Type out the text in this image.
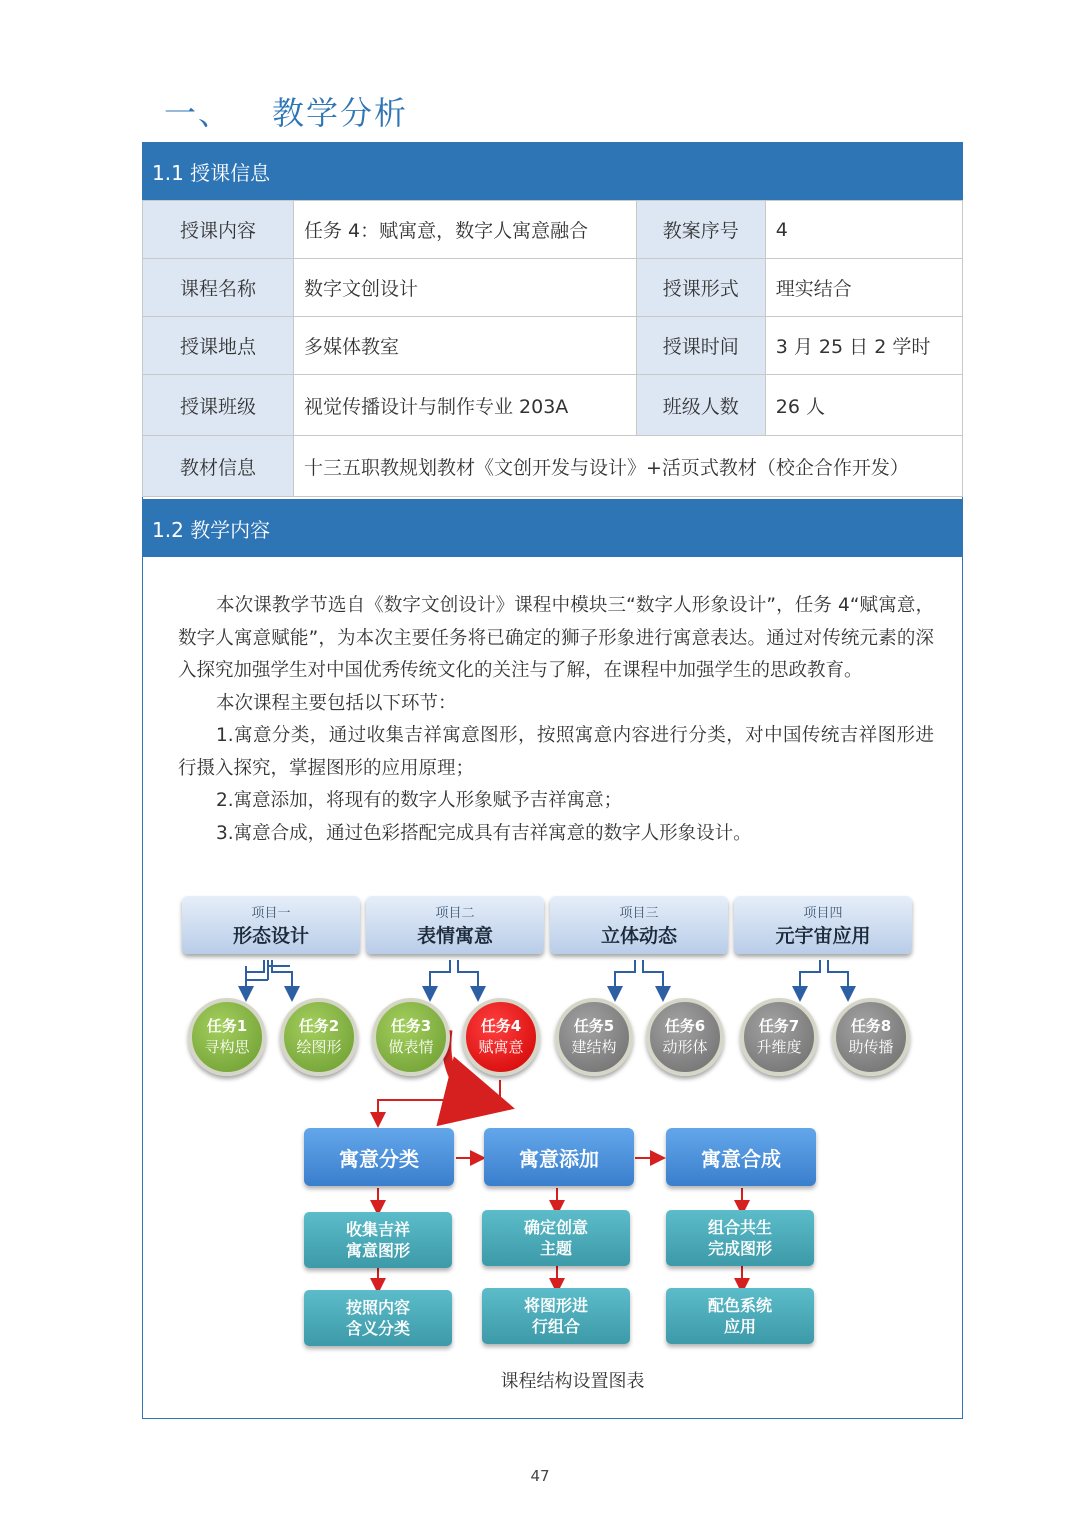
一、 教学分析
1.1 授课信息
授课内容	任务 4：赋寓意，数字人寓意融合	教案序号	4
课程名称	数字文创设计	授课形式	理实结合
授课地点	多媒体教室	授课时间	3 月 25 日 2 学时
授课班级	视觉传播设计与制作专业 203A	班级人数	26 人
教材信息	十三五职教规划教材《文创开发与设计》+活页式教材（校企合作开发）		
1.2 教学内容

本次课教学节选自《数字文创设计》课程中模块三“数字人形象设计”，任务 4“赋寓意，数字人寓意赋能”，为本次主要任务将已确定的狮子形象进行寓意表达。通过对传统元素的深入探究加强学生对中国优秀传统文化的关注与了解，在课程中加强学生的思政教育。

本次课程主要包括以下环节：

1.寓意分类，通过收集吉祥寓意图形，按照寓意内容进行分类，对中国传统吉祥图形进行摄入探究，掌握图形的应用原理；

2.寓意添加，将现有的数字人形象赋予吉祥寓意；

3.寓意合成，通过色彩搭配完成具有吉祥寓意的数字人形象设计。

项目一
形态设计
项目二
表情寓意
项目三
立体动态
项目四
元宇宙应用
任务1
寻构思
任务2
绘图形
任务3
做表情
任务4
赋寓意
任务5
建结构
任务6
动形体
任务7
升维度
任务8
助传播
寓意分类	寓意添加	寓意合成
收集吉祥
寓意图形
按照内容
含义分类
确定创意
主题
将图形进
行组合
组合共生
完成图形
配色系统
应用
课程结构设置图表
47
